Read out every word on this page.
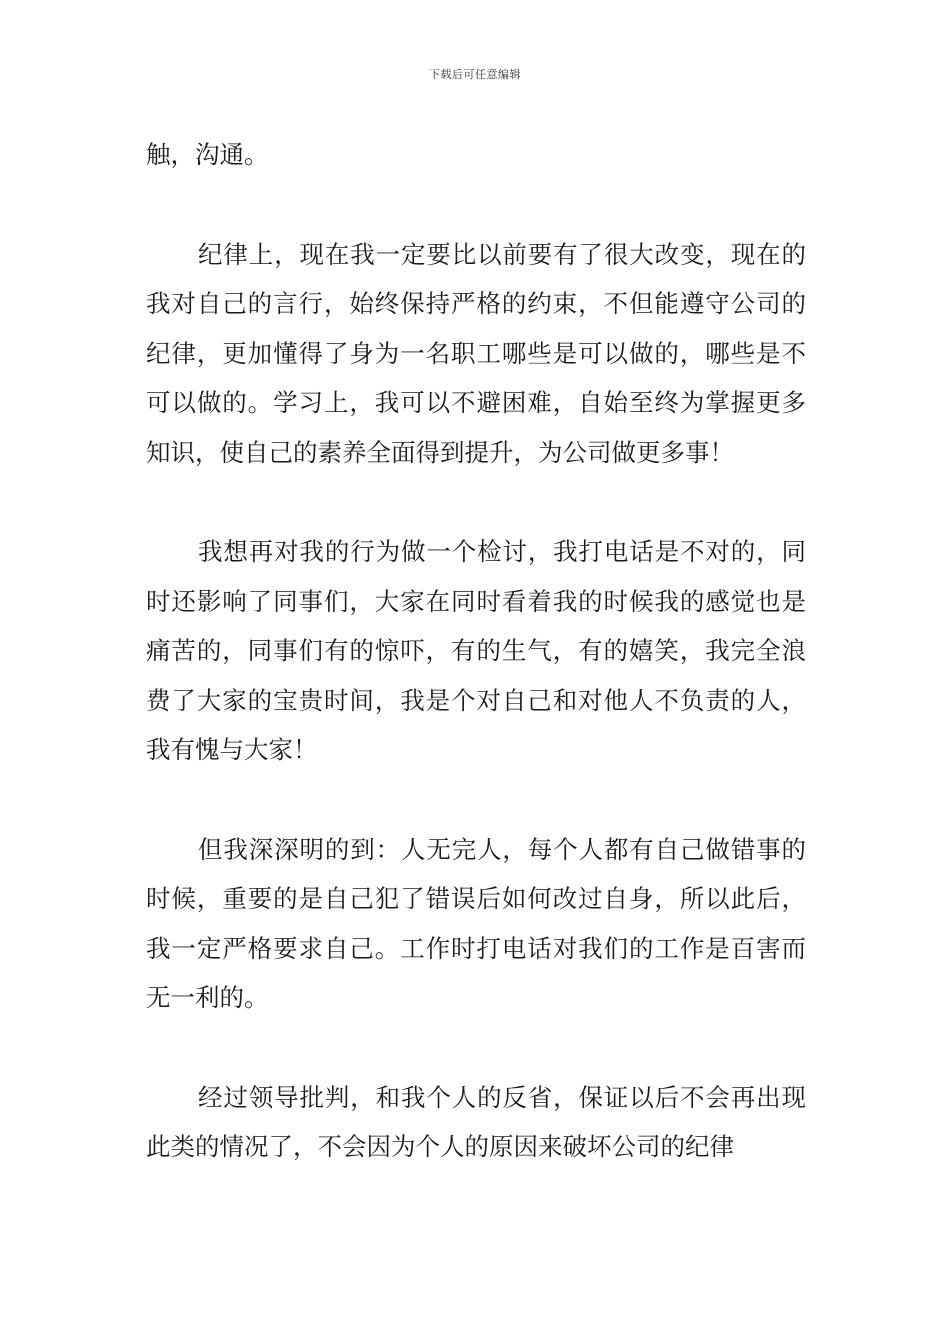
下载后可任意编辑

触，沟通。

纪律上，现在我一定要比以前要有了很大改变，现在的我对自己的言行，始终保持严格的约束，不但能遵守公司的纪律，更加懂得了身为一名职工哪些是可以做的，哪些是不可以做的。学习上，我可以不避困难，自始至终为掌握更多知识，使自己的素养全面得到提升，为公司做更多事！

我想再对我的行为做一个检讨，我打电话是不对的，同时还影响了同事们，大家在同时看着我的时候我的感觉也是痛苦的，同事们有的惊吓，有的生气，有的嬉笑，我完全浪费了大家的宝贵时间，我是个对自己和对他人不负责的人，我有愧与大家！

但我深深明的到：人无完人，每个人都有自己做错事的时候，重要的是自己犯了错误后如何改过自身，所以此后，我一定严格要求自己。工作时打电话对我们的工作是百害而无一利的。

经过领导批判，和我个人的反省，保证以后不会再出现此类的情况了，不会因为个人的原因来破坏公司的纪律
